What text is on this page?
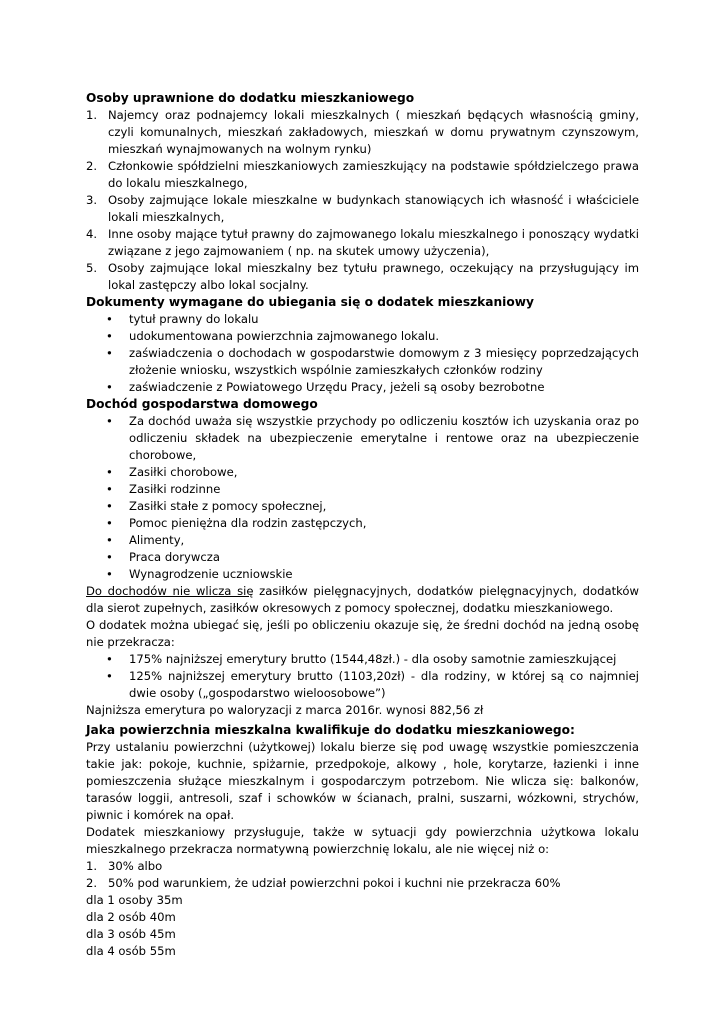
Osoby uprawnione do dodatku mieszkaniowego
1. Najemcy oraz podnajemcy lokali mieszkalnych ( mieszkań będących własnością gminy, czyli komunalnych, mieszkań zakładowych, mieszkań w domu prywatnym czynszowym, mieszkań wynajmowanych na wolnym rynku)
2. Członkowie spółdzielni mieszkaniowych zamieszkujący na podstawie spółdzielczego prawa do lokalu mieszkalnego,
3. Osoby zajmujące lokale mieszkalne w budynkach stanowiących ich własność i właściciele lokali mieszkalnych,
4. Inne osoby mające tytuł prawny do zajmowanego lokalu mieszkalnego i ponoszący wydatki związane z jego zajmowaniem ( np. na skutek umowy użyczenia),
5. Osoby zajmujące lokal mieszkalny bez tytułu prawnego, oczekujący na przysługujący im lokal zastępczy albo lokal socjalny.
Dokumenty wymagane do ubiegania się o dodatek mieszkaniowy
• tytuł prawny do lokalu
• udokumentowana powierzchnia zajmowanego lokalu.
• zaświadczenia o dochodach w gospodarstwie domowym z 3 miesięcy poprzedzających złożenie wniosku, wszystkich wspólnie zamieszkałych członków rodziny
• zaświadczenie z Powiatowego Urzędu Pracy, jeżeli są osoby bezrobotne
Dochód gospodarstwa domowego
• Za dochód uważa się wszystkie przychody po odliczeniu kosztów ich uzyskania oraz po odliczeniu składek na ubezpieczenie emerytalne i rentowe oraz na ubezpieczenie chorobowe,
• Zasiłki chorobowe,
• Zasiłki rodzinne
• Zasiłki stałe z pomocy społecznej,
• Pomoc pieniężna dla rodzin zastępczych,
• Alimenty,
• Praca dorywcza
• Wynagrodzenie uczniowskie

Do dochodów nie wlicza się zasiłków pielęgnacyjnych, dodatków pielęgnacyjnych, dodatków dla sierot zupełnych, zasiłków okresowych z pomocy społecznej, dodatku mieszkaniowego.

O dodatek można ubiegać się, jeśli po obliczeniu okazuje się, że średni dochód na jedną osobę nie przekracza:

• 175% najniższej emerytury brutto (1544,48zł.) - dla osoby samotnie zamieszkującej
• 125% najniższej emerytury brutto (1103,20zł) - dla rodziny, w której są co najmniej dwie osoby („gospodarstwo wieloosobowe”)

Najniższa emerytura po waloryzacji z marca 2016r. wynosi 882,56 zł

Jaka powierzchnia mieszkalna kwalifikuje do dodatku mieszkaniowego:

Przy ustalaniu powierzchni (użytkowej) lokalu bierze się pod uwagę wszystkie pomieszczenia takie jak: pokoje, kuchnie, spiżarnie, przedpokoje, alkowy , hole, korytarze, łazienki i inne pomieszczenia służące mieszkalnym i gospodarczym potrzebom. Nie wlicza się: balkonów, tarasów loggii, antresoli, szaf i schowków w ścianach, pralni, suszarni, wózkowni, strychów, piwnic i komórek na opał.

Dodatek mieszkaniowy przysługuje, także w sytuacji gdy powierzchnia użytkowa lokalu mieszkalnego przekracza normatywną powierzchnię lokalu, ale nie więcej niż o:

1. 30% albo
2. 50% pod warunkiem, że udział powierzchni pokoi i kuchni nie przekracza 60%
dla 1 osoby 35m
dla 2 osób 40m
dla 3 osób 45m
dla 4 osób 55m
